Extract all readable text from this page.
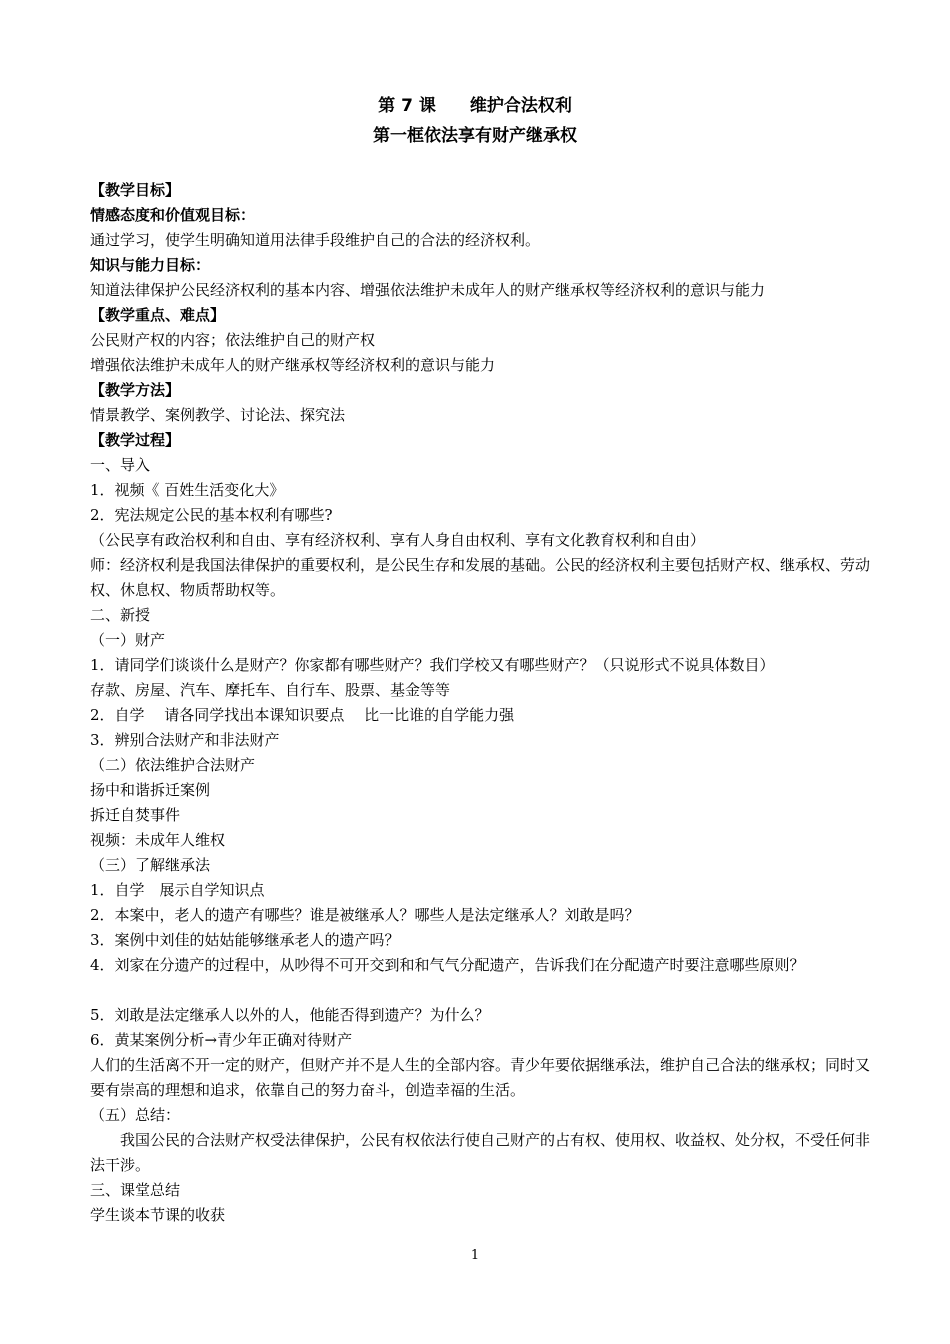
第 7 课　　维护合法权利
第一框依法享有财产继承权

【教学目标】

情感态度和价值观目标：

通过学习，使学生明确知道用法律手段维护自己的合法的经济权利。

知识与能力目标：

知道法律保护公民经济权利的基本内容、增强依法维护未成年人的财产继承权等经济权利的意识与能力

【教学重点、难点】

公民财产权的内容；依法维护自己的财产权

增强依法维护未成年人的财产继承权等经济权利的意识与能力

【教学方法】

情景教学、案例教学、讨论法、探究法

【教学过程】

一、导入

1．视频《 百姓生活变化大》

2．宪法规定公民的基本权利有哪些?

（公民享有政治权利和自由、享有经济权利、享有人身自由权利、享有文化教育权利和自由）

师：经济权利是我国法律保护的重要权利，是公民生存和发展的基础。公民的经济权利主要包括财产权、继承权、劳动权、休息权、物质帮助权等。

二、新授

（一）财产

1．请同学们谈谈什么是财产？你家都有哪些财产？我们学校又有哪些财产？（只说形式不说具体数目）

存款、房屋、汽车、摩托车、自行车、股票、基金等等

2．自学　 请各同学找出本课知识要点　 比一比谁的自学能力强

3．辨别合法财产和非法财产

（二）依法维护合法财产

扬中和谐拆迁案例

拆迁自焚事件

视频：未成年人维权

（三）了解继承法

1．自学　展示自学知识点

2．本案中，老人的遗产有哪些？谁是被继承人？哪些人是法定继承人？刘敢是吗？

3．案例中刘佳的姑姑能够继承老人的遗产吗？

4．刘家在分遗产的过程中，从吵得不可开交到和和气气分配遗产，告诉我们在分配遗产时要注意哪些原则？

5．刘敢是法定继承人以外的人，他能否得到遗产？为什么？

6．黄某案例分析→青少年正确对待财产

人们的生活离不开一定的财产，但财产并不是人生的全部内容。青少年要依据继承法，维护自己合法的继承权；同时又要有崇高的理想和追求，依靠自己的努力奋斗，创造幸福的生活。

（五）总结：

我国公民的合法财产权受法律保护，公民有权依法行使自己财产的占有权、使用权、收益权、处分权，不受任何非法干涉。

三、课堂总结

学生谈本节课的收获

1
